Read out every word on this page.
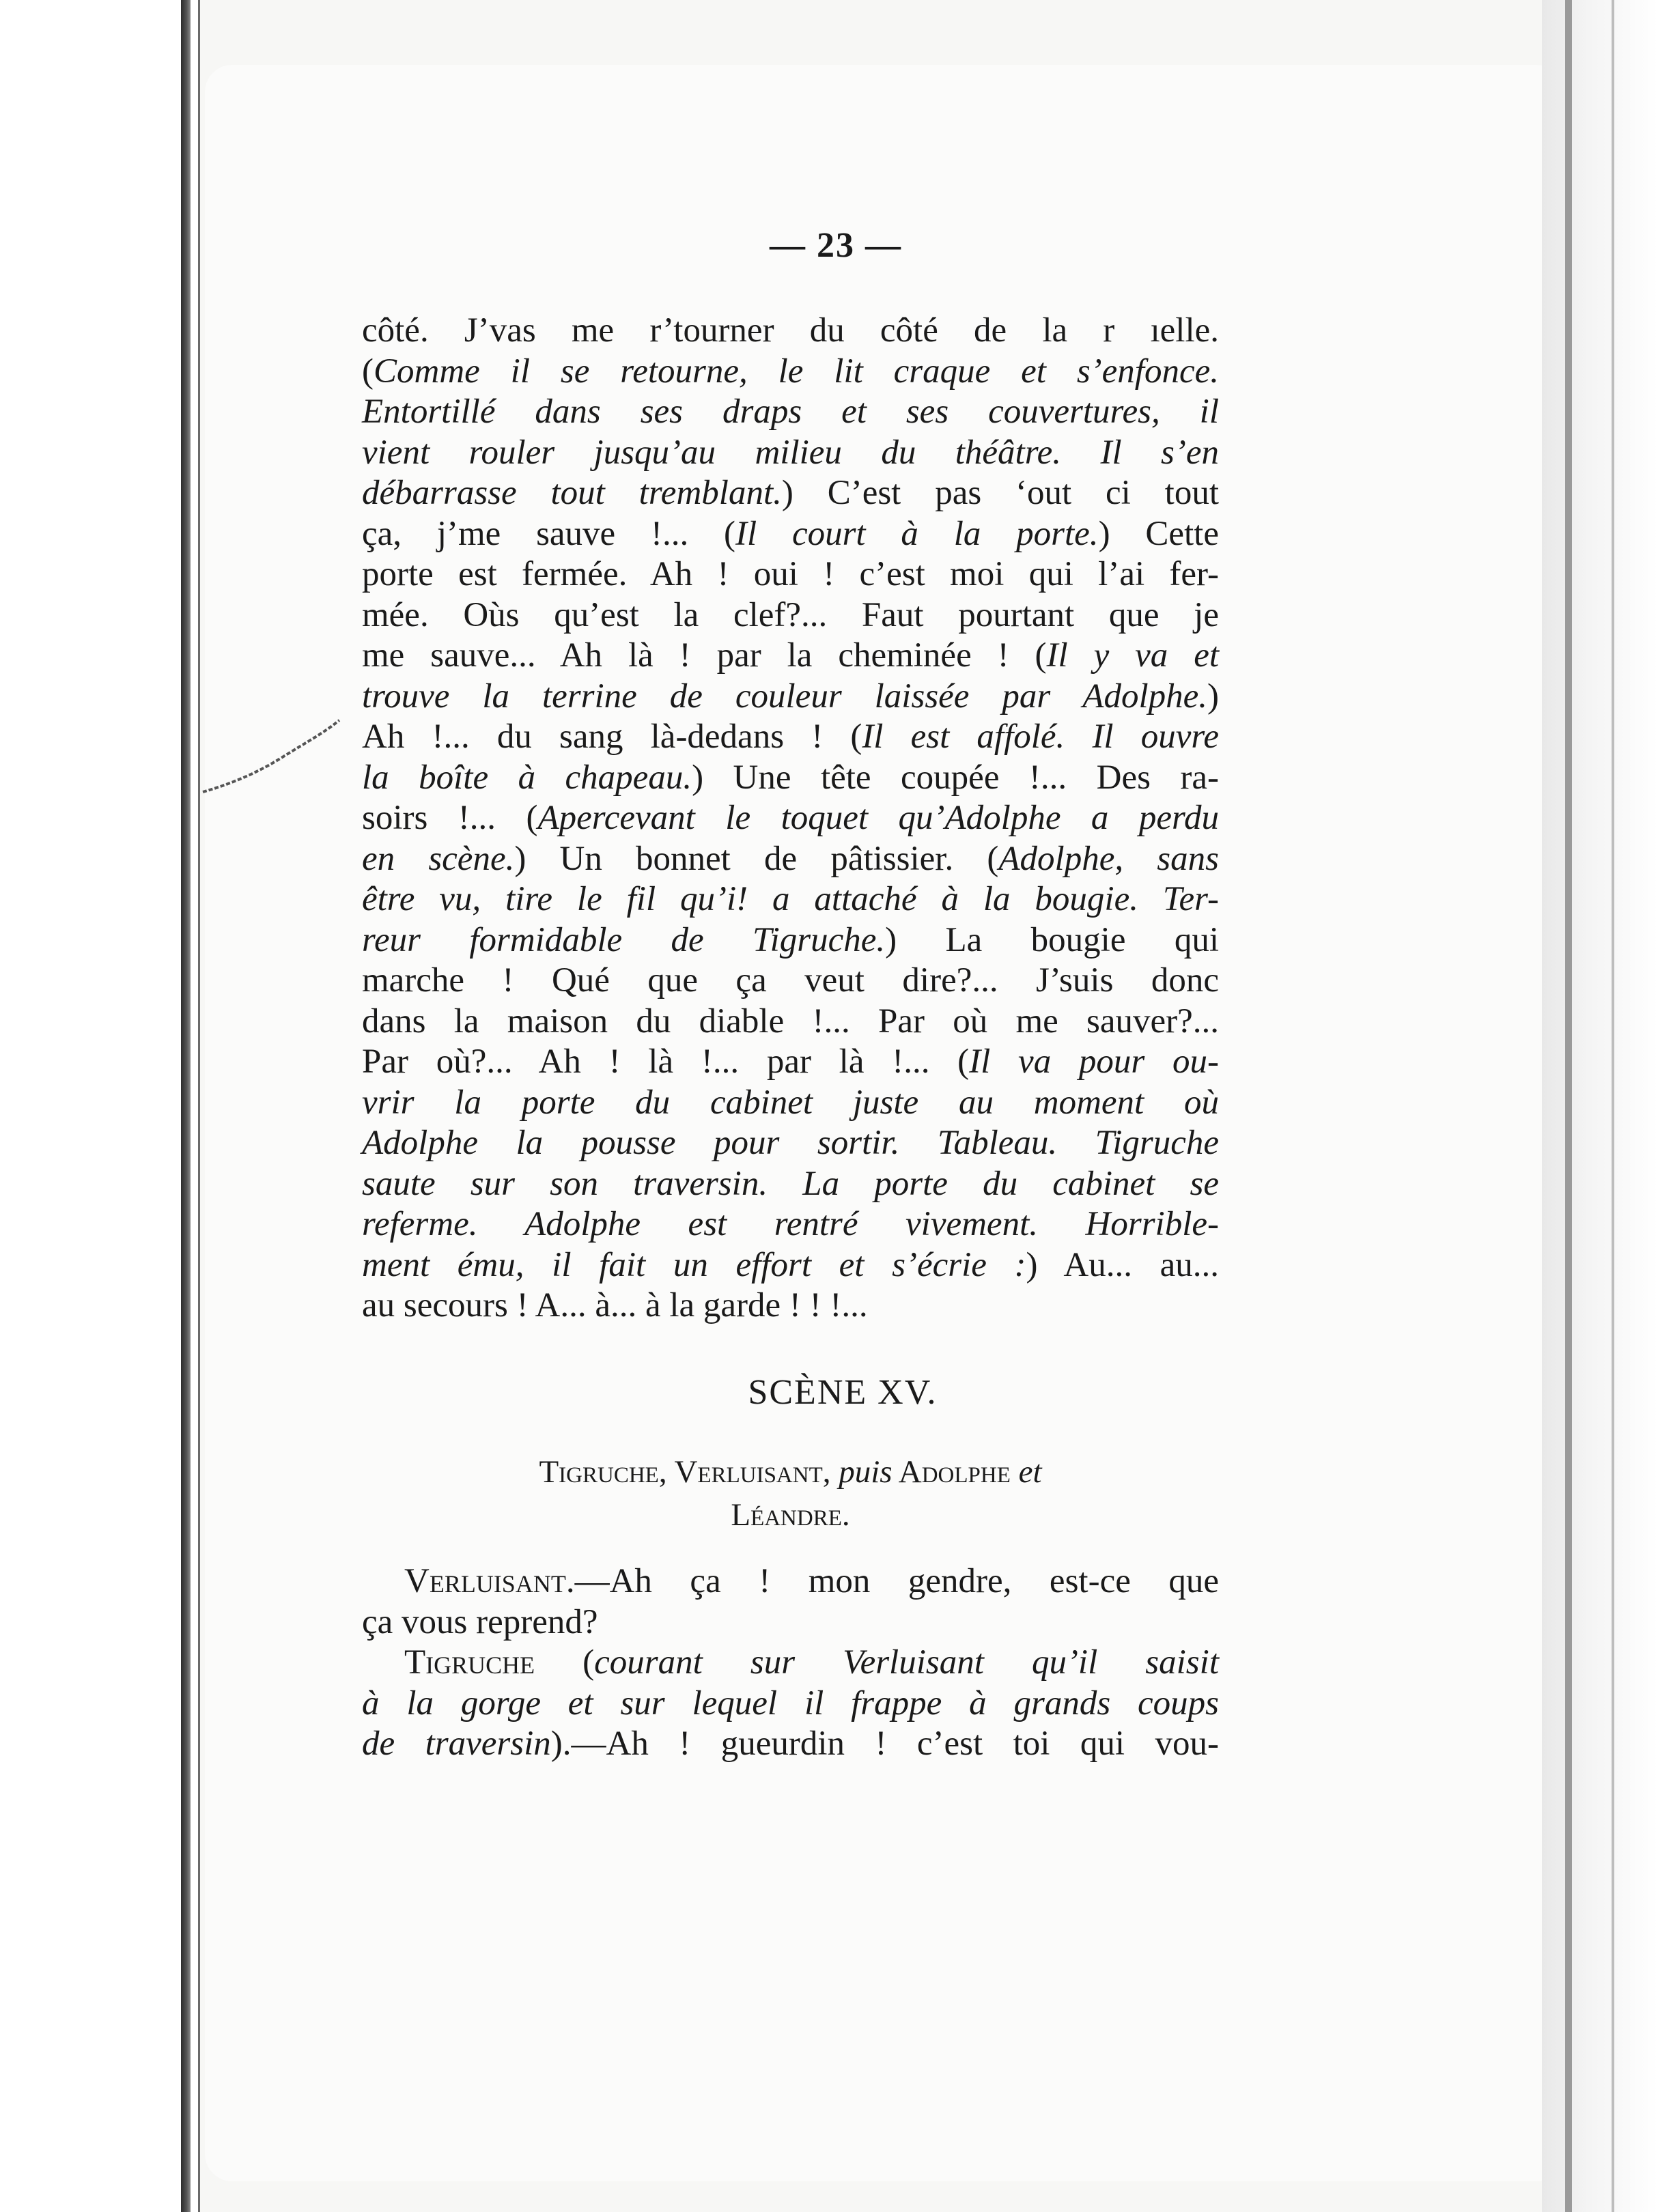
— 23 —
côté. J’vas me r’tourner du côté de la r ıelle.
(Comme il se retourne, le lit craque et s’enfonce.
Entortillé dans ses draps et ses couvertures, il
vient rouler jusqu’au milieu du théâtre. Il s’en
débarrasse tout tremblant.) C’est pas ‘out ci tout
ça, j’me sauve !... (Il court à la porte.) Cette
porte est fermée. Ah ! oui ! c’est moi qui l’ai fer-
mée. Oùs qu’est la clef?... Faut pourtant que je
me sauve... Ah là ! par la cheminée ! (Il y va et
trouve la terrine de couleur laissée par Adolphe.)
Ah !... du sang là-dedans ! (Il est affolé. Il ouvre
la boîte à chapeau.) Une tête coupée !... Des ra-
soirs !... (Apercevant le toquet qu’Adolphe a perdu
en scène.) Un bonnet de pâtissier. (Adolphe, sans
être vu, tire le fil qu’i! a attaché à la bougie. Ter-
reur formidable de Tigruche.) La bougie qui
marche ! Qué que ça veut dire?... J’suis donc
dans la maison du diable !... Par où me sauver?...
Par où?... Ah ! là !... par là !... (Il va pour ou-
vrir la porte du cabinet juste au moment où
Adolphe la pousse pour sortir. Tableau. Tigruche
saute sur son traversin. La porte du cabinet se
referme. Adolphe est rentré vivement. Horrible-
ment ému, il fait un effort et s’écrie :) Au... au...
au secours ! A... à... à la garde ! ! !...
SCÈNE XV.
Tigruche, Verluisant, puis Adolphe et
Léandre.
Verluisant.—Ah ça ! mon gendre, est-ce que
ça vous reprend?
Tigruche (courant sur Verluisant qu’il saisit
à la gorge et sur lequel il frappe à grands coups
de traversin).—Ah ! gueurdin ! c’est toi qui vou-
